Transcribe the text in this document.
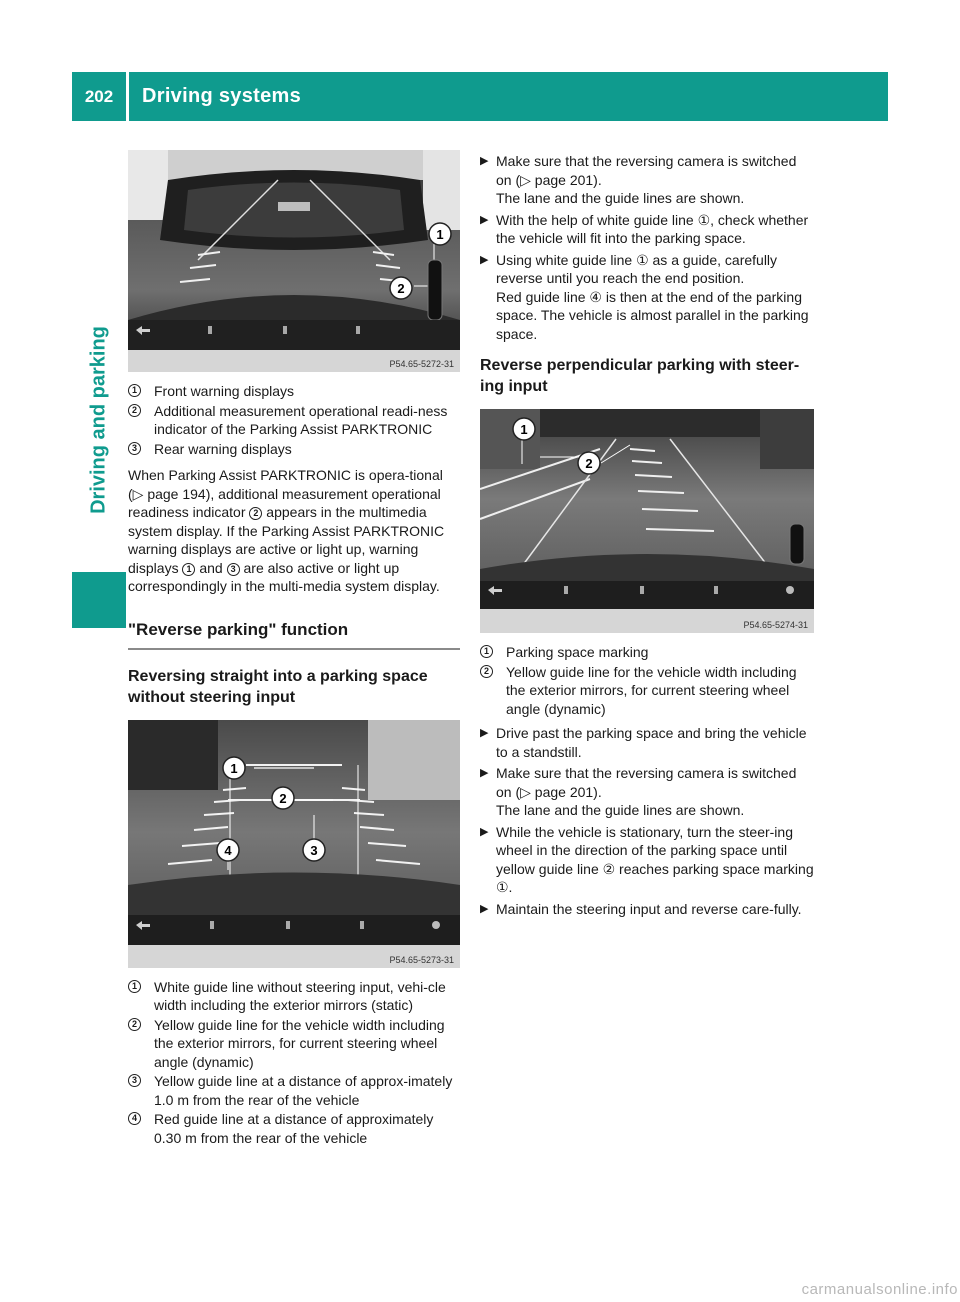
202	Driving systems
Driving and parking
1
2
P54.65-5272-31
1 Front warning displays
2 Additional measurement operational readi-ness indicator of the Parking Assist PARKTRONIC
3 Rear warning displays

When Parking Assist PARKTRONIC is opera-tional (▷ page 194), additional measurement operational readiness indicator 2 appears in the multimedia system display. If the Parking Assist PARKTRONIC warning displays are active or light up, warning displays 1 and 3 are also active or light up correspondingly in the multi-media system display.

"Reverse parking" function
Reversing straight into a parking space without steering input
1
2
3
4
P54.65-5273-31
1 White guide line without steering input, vehi-cle width including the exterior mirrors (static)
2 Yellow guide line for the vehicle width including the exterior mirrors, for current steering wheel angle (dynamic)
3 Yellow guide line at a distance of approx-imately 1.0 m from the rear of the vehicle
4 Red guide line at a distance of approximately 0.30 m from the rear of the vehicle
▶ Make sure that the reversing camera is switched on (▷ page 201).
The lane and the guide lines are shown.
▶ With the help of white guide line ①, check whether the vehicle will fit into the parking space.
▶ Using white guide line ① as a guide, carefully reverse until you reach the end position.
Red guide line ④ is then at the end of the parking space. The vehicle is almost parallel in the parking space.
Reverse perpendicular parking with steer-ing input
1
2
P54.65-5274-31
1 Parking space marking
2 Yellow guide line for the vehicle width including the exterior mirrors, for current steering wheel angle (dynamic)
▶ Drive past the parking space and bring the vehicle to a standstill.
▶ Make sure that the reversing camera is switched on (▷ page 201).
The lane and the guide lines are shown.
▶ While the vehicle is stationary, turn the steer-ing wheel in the direction of the parking space until yellow guide line ② reaches parking space marking ①.
▶ Maintain the steering input and reverse care-fully.
carmanualsonline.info
